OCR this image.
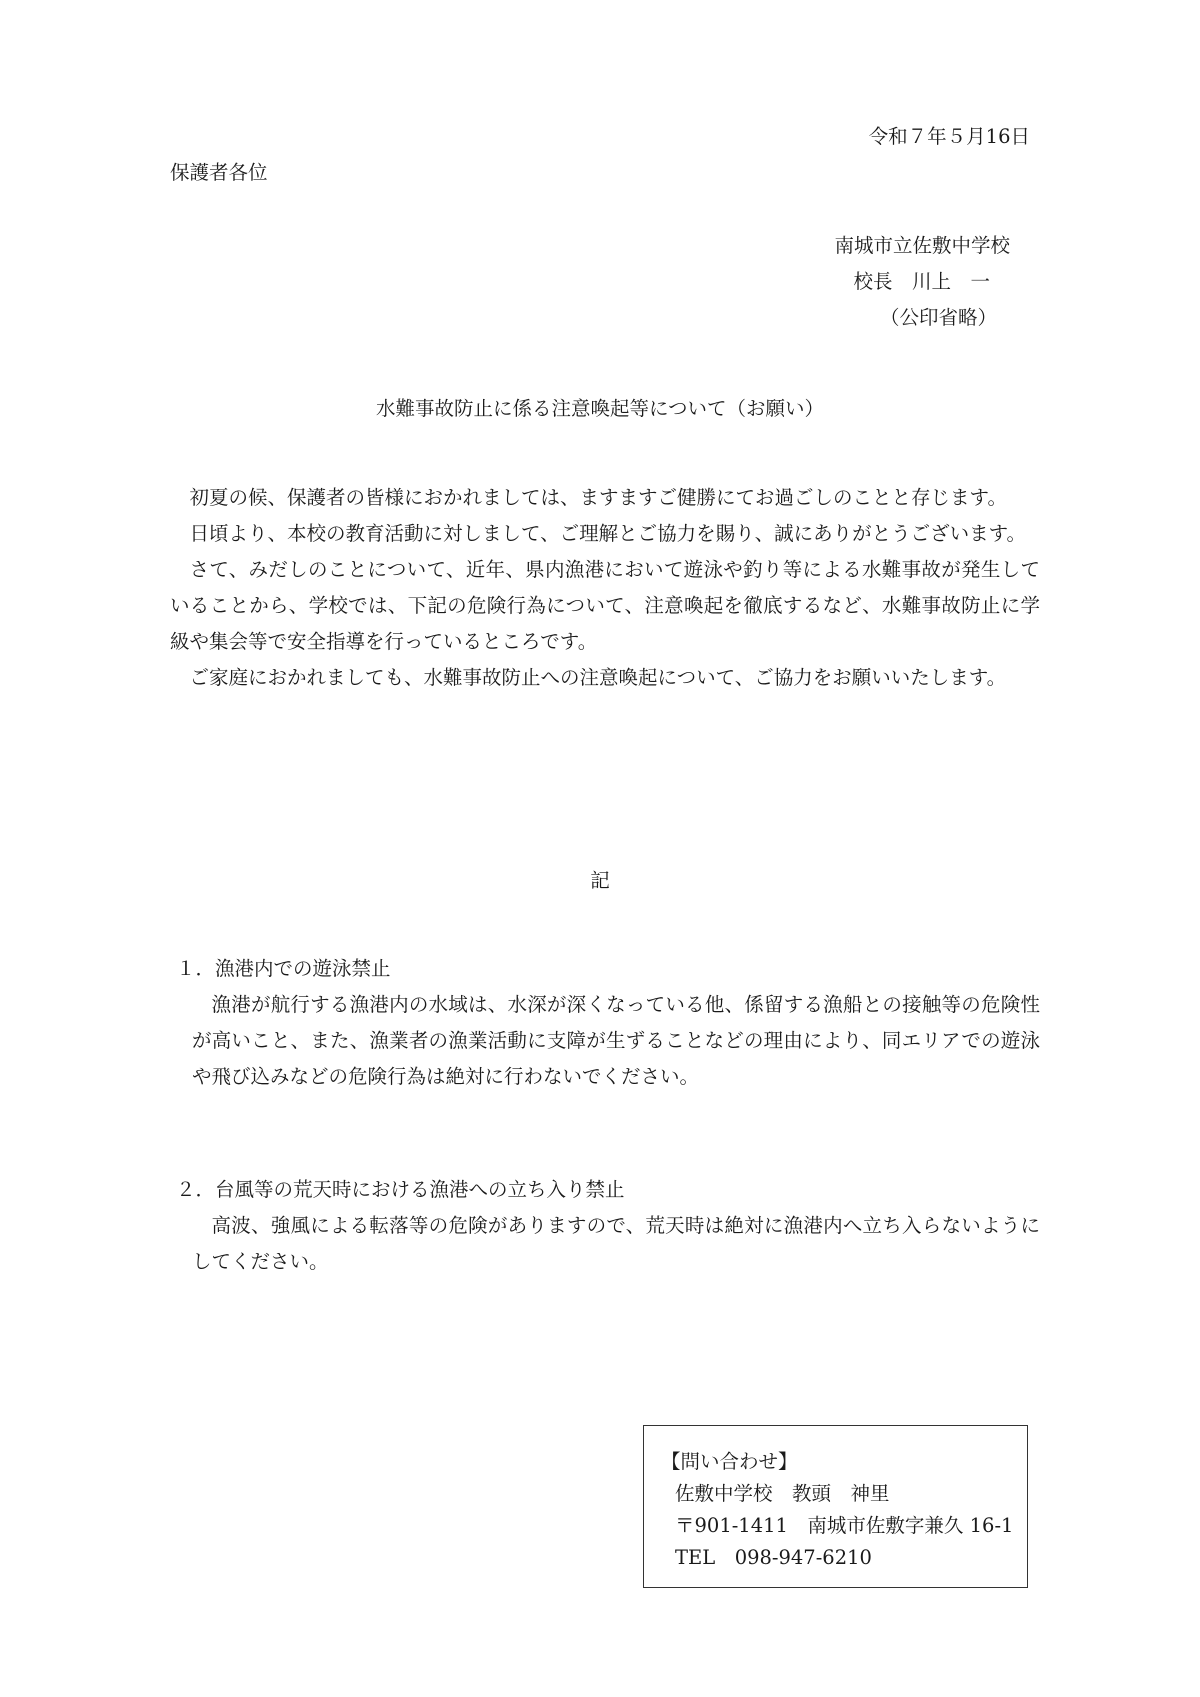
令和７年５月16日
保護者各位
南城市立佐敷中学校
校長　川上　一
（公印省略）
水難事故防止に係る注意喚起等について（お願い）

初夏の候、保護者の皆様におかれましては、ますますご健勝にてお過ごしのことと存じます。

日頃より、本校の教育活動に対しまして、ご理解とご協力を賜り、誠にありがとうございます。

さて、みだしのことについて、近年、県内漁港において遊泳や釣り等による水難事故が発生していることから、学校では、下記の危険行為について、注意喚起を徹底するなど、水難事故防止に学級や集会等で安全指導を行っているところです。

ご家庭におかれましても、水難事故防止への注意喚起について、ご協力をお願いいたします。

記

１．漁港内での遊泳禁止

漁港が航行する漁港内の水域は、水深が深くなっている他、係留する漁船との接触等の危険性が高いこと、また、漁業者の漁業活動に支障が生ずることなどの理由により、同エリアでの遊泳や飛び込みなどの危険行為は絶対に行わないでください。

２．台風等の荒天時における漁港への立ち入り禁止

高波、強風による転落等の危険がありますので、荒天時は絶対に漁港内へ立ち入らないようにしてください。

【問い合わせ】
佐敷中学校　教頭　神里
〒901-1411　南城市佐敷字兼久 16-1
TEL　098-947-6210
